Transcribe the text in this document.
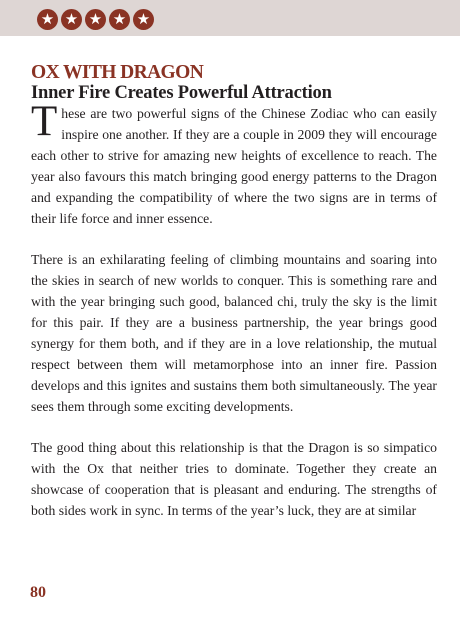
★ ★ ★ ★ ★
OX WITH DRAGON
Inner Fire Creates Powerful Attraction

These are two powerful signs of the Chinese Zodiac who can easily inspire one another. If they are a couple in 2009 they will encourage each other to strive for amazing new heights of excellence to reach. The year also favours this match bringing good energy patterns to the Dragon and expanding the compatibility of where the two signs are in terms of their life force and inner essence.

There is an exhilarating feeling of climbing mountains and soaring into the skies in search of new worlds to conquer. This is something rare and with the year bringing such good, balanced chi, truly the sky is the limit for this pair. If they are a business partnership, the year brings good synergy for them both, and if they are in a love relationship, the mutual respect between them will metamorphose into an inner fire. Passion develops and this ignites and sustains them both simultaneously. The year sees them through some exciting developments.

The good thing about this relationship is that the Dragon is so simpatico with the Ox that neither tries to dominate. Together they create an showcase of cooperation that is pleasant and enduring. The strengths of both sides work in sync. In terms of the year’s luck, they are at similar

80
